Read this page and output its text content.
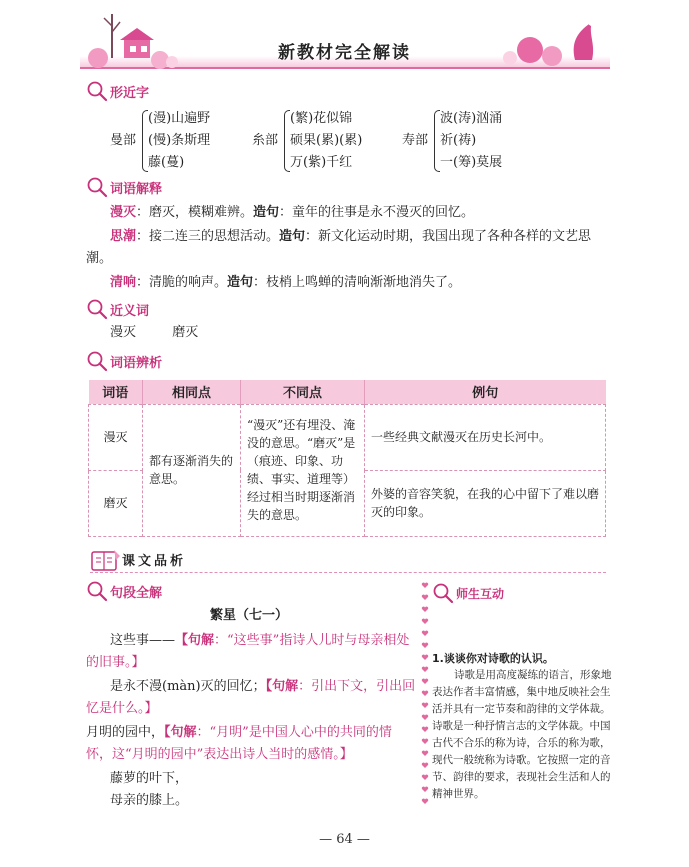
新教材完全解读
形近字
曼部
(漫)山遍野
(慢)条斯理
藤(蔓)
糸部
(繁)花似锦
硕果(累)(累)
万(紫)千红
寿部
波(涛)汹涌
祈(祷)
一(筹)莫展
词语解释
漫灭：磨灭，模糊难辨。造句：童年的往事是永不漫灭的回忆。
思潮：接二连三的思想活动。造句：新文化运动时期，我国出现了各种各样的文艺思潮。
清响：清脆的响声。造句：枝梢上鸣蝉的清响渐渐地消失了。
近义词
漫灭	磨灭
词语辨析
词语	相同点	不同点	例句
漫灭	都有逐渐消失的意思。	“漫灭”还有埋没、淹没的意思。“磨灭”是（痕迹、印象、功绩、事实、道理等）经过相当时期逐渐消失的意思。	一些经典文献漫灭在历史长河中。
磨灭			外婆的音容笑貌，在我的心中留下了难以磨灭的印象。
课文品析
句段全解
繁星（七一）
这些事——【句解：“这些事”指诗人儿时与母亲相处的旧事。】
是永不漫(màn)灭的回忆；【句解：引出下文，引出回忆是什么。】
月明的园中，【句解：“月明”是中国人心中的共同的情怀，这“月明的园中”表达出诗人当时的感情。】
藤萝的叶下，
母亲的膝上。
师生互动
1.谈谈你对诗歌的认识。
诗歌是用高度凝练的语言，形象地表达作者丰富情感，集中地反映社会生活并具有一定节奏和韵律的文学体裁。诗歌是一种抒情言志的文学体裁。中国古代不合乐的称为诗，合乐的称为歌，现代一般统称为诗歌。它按照一定的音节、韵律的要求，表现社会生活和人的精神世界。
— 64 —
